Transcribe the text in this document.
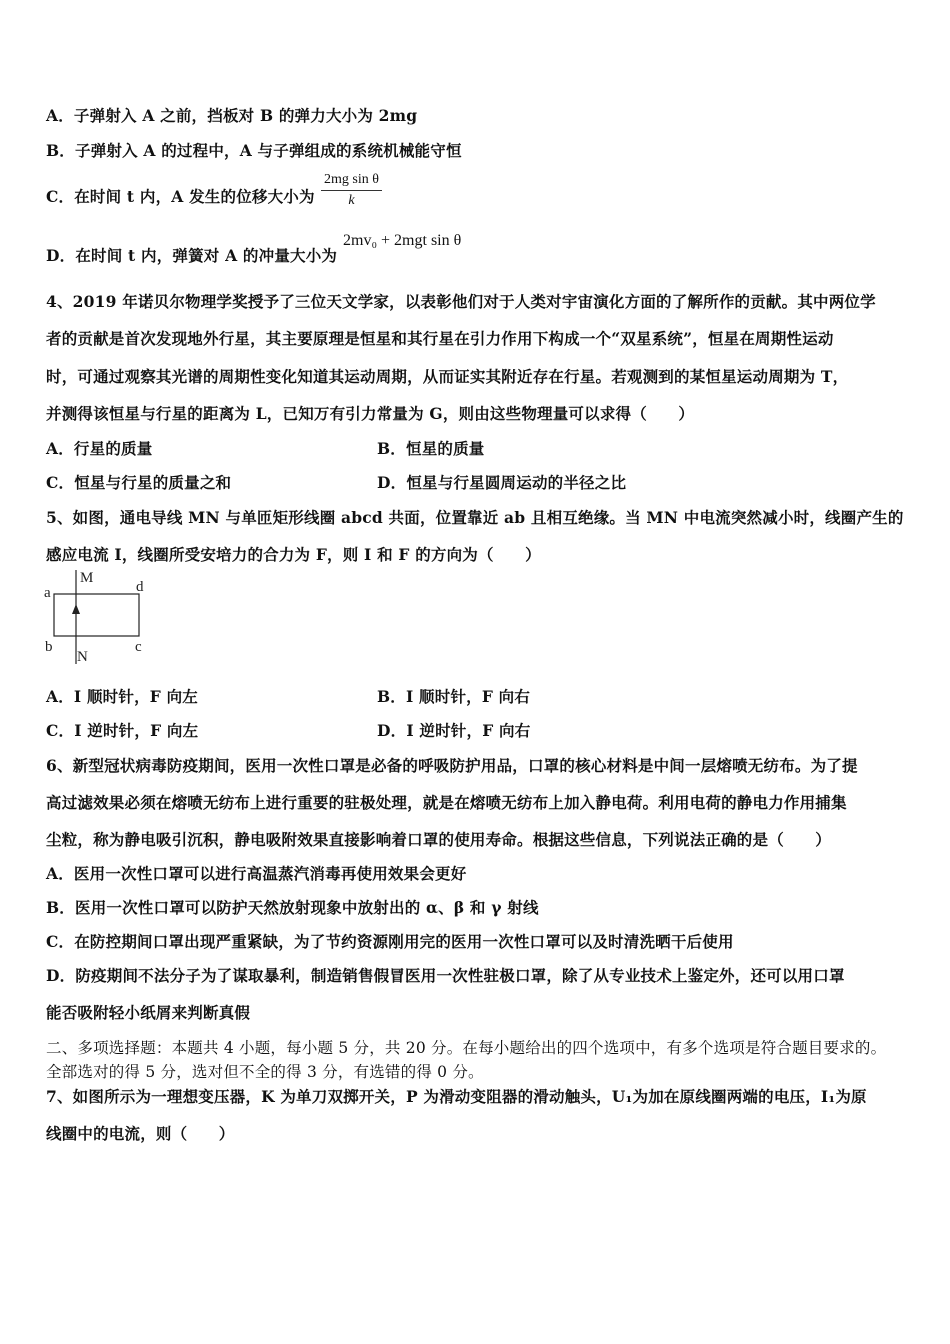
A．子弹射入 A 之前，挡板对 B 的弹力大小为 2mg
B．子弹射入 A 的过程中，A 与子弹组成的系统机械能守恒
C．在时间 t 内，A 发生的位移大小为 $\frac{\text{2mg sin θ}}{k}$
D．在时间 t 内，弹簧对 A 的冲量大小为
2mv₀ + 2mgt sin θ
4、2019 年诺贝尔物理学奖授予了三位天文学家，以表彰他们对于人类对宇宙演化方面的了解所作的贡献。其中两位学
者的贡献是首次发现地外行星，其主要原理是恒星和其行星在引力作用下构成一个“双星系统”，恒星在周期性运动
时，可通过观察其光谱的周期性变化知道其运动周期，从而证实其附近存在行星。若观测到的某恒星运动周期为 T，
并测得该恒星与行星的距离为 L，已知万有引力常量为 G，则由这些物理量可以求得（　　）
A．行星的质量	B．恒星的质量
C．恒星与行星的质量之和	D．恒星与行星圆周运动的半径之比
5、如图，通电导线 MN 与单匝矩形线圈 abcd 共面，位置靠近 ab 且相互绝缘。当 MN 中电流突然减小时，线圈产生的
感应电流 I，线圈所受安培力的合力为 F，则 I 和 F 的方向为（　　）
M
N
a
b	c
d
A．I 顺时针，F 向左	B．I 顺时针，F 向右
C．I 逆时针，F 向左	D．I 逆时针，F 向右
6、新型冠状病毒防疫期间，医用一次性口罩是必备的呼吸防护用品，口罩的核心材料是中间一层熔喷无纺布。为了提
高过滤效果必须在熔喷无纺布上进行重要的驻极处理，就是在熔喷无纺布上加入静电荷。利用电荷的静电力作用捕集
尘粒，称为静电吸引沉积，静电吸附效果直接影响着口罩的使用寿命。根据这些信息，下列说法正确的是（　　）
A．医用一次性口罩可以进行高温蒸汽消毒再使用效果会更好
B．医用一次性口罩可以防护天然放射现象中放射出的 α、β 和 γ 射线
C．在防控期间口罩出现严重紧缺，为了节约资源刚用完的医用一次性口罩可以及时清洗晒干后使用
D．防疫期间不法分子为了谋取暴利，制造销售假冒医用一次性驻极口罩，除了从专业技术上鉴定外，还可以用口罩
能否吸附轻小纸屑来判断真假
二、多项选择题：本题共 4 小题，每小题 5 分，共 20 分。在每小题给出的四个选项中，有多个选项是符合题目要求的。
全部选对的得 5 分，选对但不全的得 3 分，有选错的得 0 分。
7、如图所示为一理想变压器，K 为单刀双掷开关，P 为滑动变阻器的滑动触头，U₁为加在原线圈两端的电压，I₁为原
线圈中的电流，则（　　）
